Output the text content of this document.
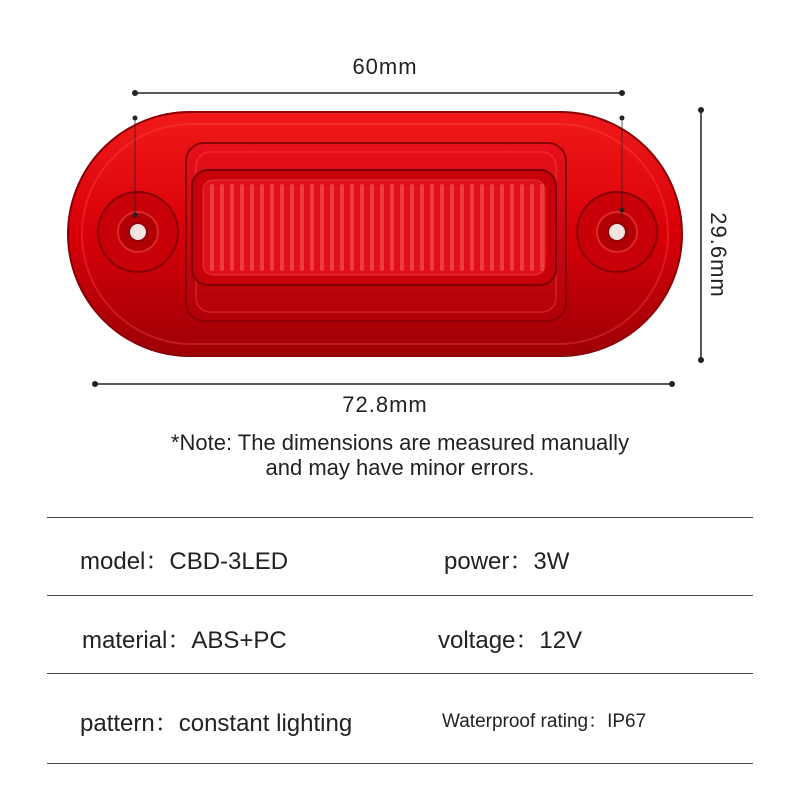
60mm
72.8mm
29.6mm
*Note: The dimensions are measured manually
and may have minor errors.
model：CBD-3LED	power：3W
material：ABS+PC	voltage：12V
pattern：constant lighting	Waterproof rating：IP67
